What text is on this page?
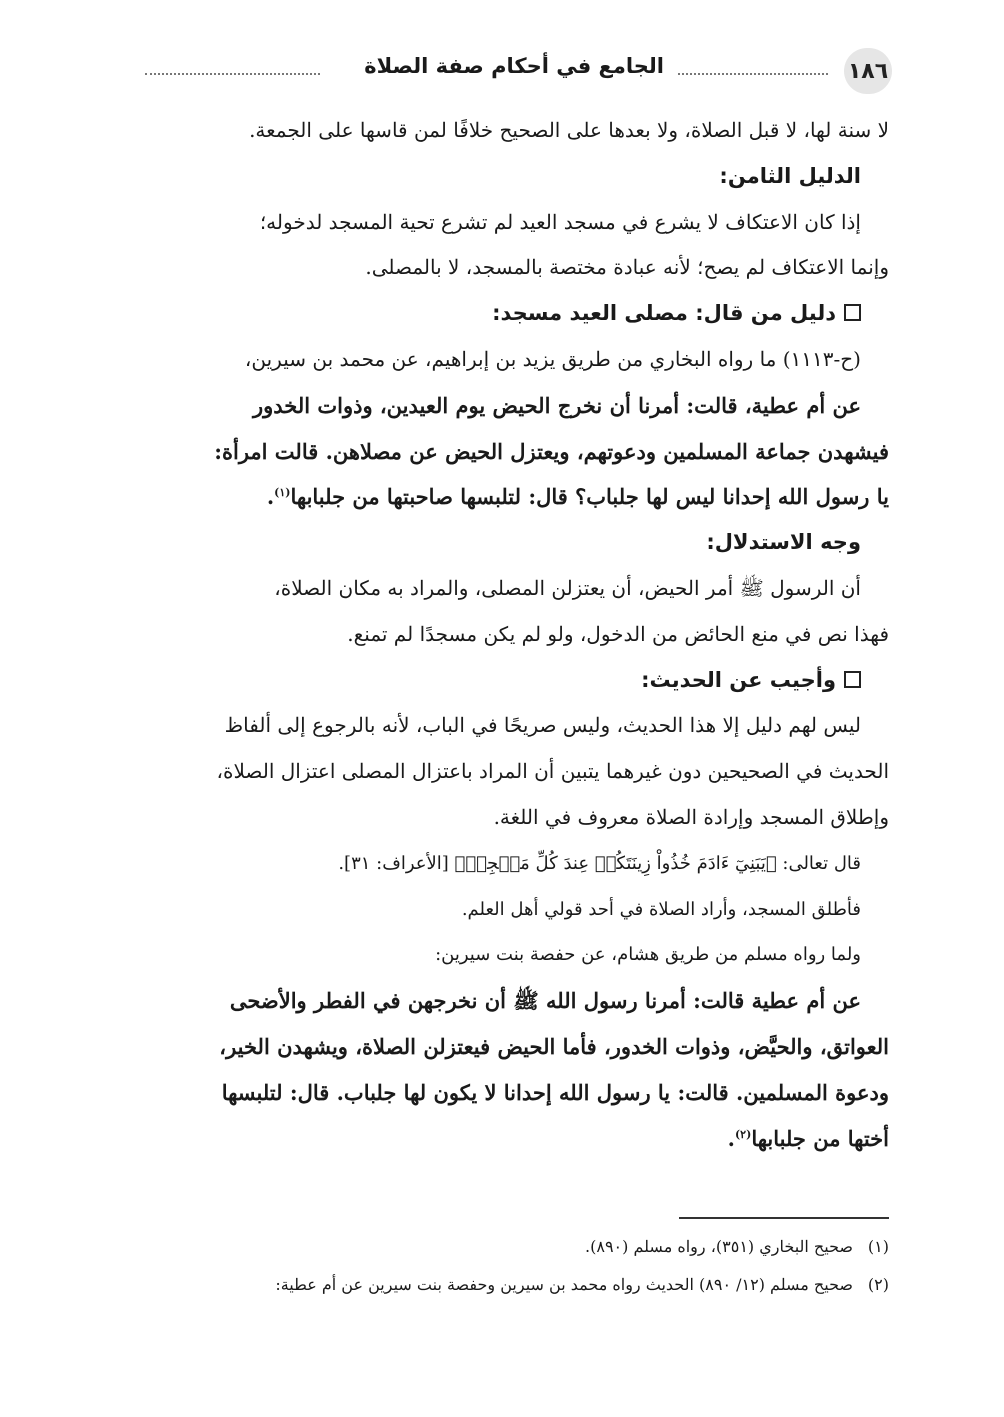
١٨٦
الجامع في أحكام صفة الصلاة
لا سنة لها، لا قبل الصلاة، ولا بعدها على الصحيح خلافًا لمن قاسها على الجمعة.
الدليل الثامن:
إذا كان الاعتكاف لا يشرع في مسجد العيد لم تشرع تحية المسجد لدخوله؛
وإنما الاعتكاف لم يصح؛ لأنه عبادة مختصة بالمسجد، لا بالمصلى.
دليل من قال: مصلى العيد مسجد:
(ح-١١١٣) ما رواه البخاري من طريق يزيد بن إبراهيم، عن محمد بن سيرين،
عن أم عطية، قالت: أمرنا أن نخرج الحيض يوم العيدين، وذوات الخدور
فيشهدن جماعة المسلمين ودعوتهم، ويعتزل الحيض عن مصلاهن. قالت امرأة:
يا رسول الله إحدانا ليس لها جلباب؟ قال: لتلبسها صاحبتها من جلبابها$^{(١)}$.
وجه الاستدلال:
أن الرسول ﷺ أمر الحيض، أن يعتزلن المصلى، والمراد به مكان الصلاة،
فهذا نص في منع الحائض من الدخول، ولو لم يكن مسجدًا لم تمنع.
وأجيب عن الحديث:
ليس لهم دليل إلا هذا الحديث، وليس صريحًا في الباب، لأنه بالرجوع إلى ألفاظ
الحديث في الصحيحين دون غيرهما يتبين أن المراد باعتزال المصلى اعتزال الصلاة،
وإطلاق المسجد وإرادة الصلاة معروف في اللغة.
قال تعالى: ﴿يَبَنِيٓ ءَادَمَ خُذُواْ زِينَتَكُمۡ عِندَ كُلِّ مَسۡجِدٖ﴾ [الأعراف: ٣١].
فأطلق المسجد، وأراد الصلاة في أحد قولي أهل العلم.
ولما رواه مسلم من طريق هشام، عن حفصة بنت سيرين:
عن أم عطية قالت: أمرنا رسول الله ﷺ أن نخرجهن في الفطر والأضحى
العواتق، والحيَّض، وذوات الخدور، فأما الحيض فيعتزلن الصلاة، ويشهدن الخير،
ودعوة المسلمين. قالت: يا رسول الله إحدانا لا يكون لها جلباب. قال: لتلبسها
أختها من جلبابها$^{(٢)}$.
(١)صحيح البخاري (٣٥١)، رواه مسلم (٨٩٠).
(٢)صحيح مسلم (١٢/ ٨٩٠) الحديث رواه محمد بن سيرين وحفصة بنت سيرين عن أم عطية:
